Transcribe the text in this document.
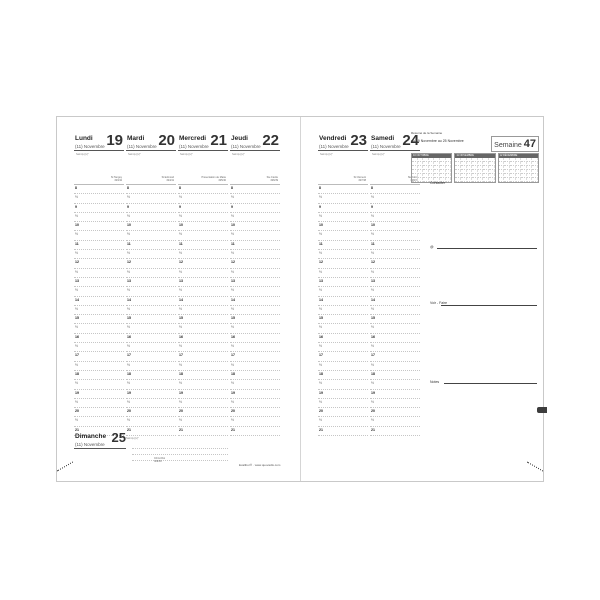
Lundi 19
(11) Novembre
Saint(e)(s)*
St Tanguy
323/42
8
½
9
½
10
½
11
½
12
½
13
½
14
½
15
½
16
½
17
½
18
½
19
½
20
½
21
Mardi 20
(11) Novembre
Saint(e)(s)*
St Edmond
324/41
8
½
9
½
10
½
11
½
12
½
13
½
14
½
15
½
16
½
17
½
18
½
19
½
20
½
21
Mercredi 21
(11) Novembre
Saint(e)(s)*
Présentation de Marie
325/40
8
½
9
½
10
½
11
½
12
½
13
½
14
½
15
½
16
½
17
½
18
½
19
½
20
½
21
Jeudi 22
(11) Novembre
Saint(e)(s)*
Ste Cécile
326/39
8
½
9
½
10
½
11
½
12
½
13
½
14
½
15
½
16
½
17
½
18
½
19
½
20
½
21
Dimanche 25
(11) Novembre
Saint(e)(s)*
Christ Roi
329/36
Exalibur® · www.quovadis.com
Vendredi 23
(11) Novembre
Saint(e)(s)*
St Clément
327/38
8
½
9
½
10
½
11
½
12
½
13
½
14
½
15
½
16
½
17
½
18
½
19
½
20
½
21
Samedi 24
(11) Novembre
Saint(e)(s)*
Ste Flora
328/37
8
½
9
½
10
½
11
½
12
½
13
½
14
½
15
½
16
½
17
½
18
½
19
½
20
½
21
Résumé de la Semaine
du 19 Novembre au 25 Novembre
Semaine 47
10 OCTOBRE	11 NOVEMBRE	12 DÉCEMBRE
Contacter
@
Voir - Faire
Notes
